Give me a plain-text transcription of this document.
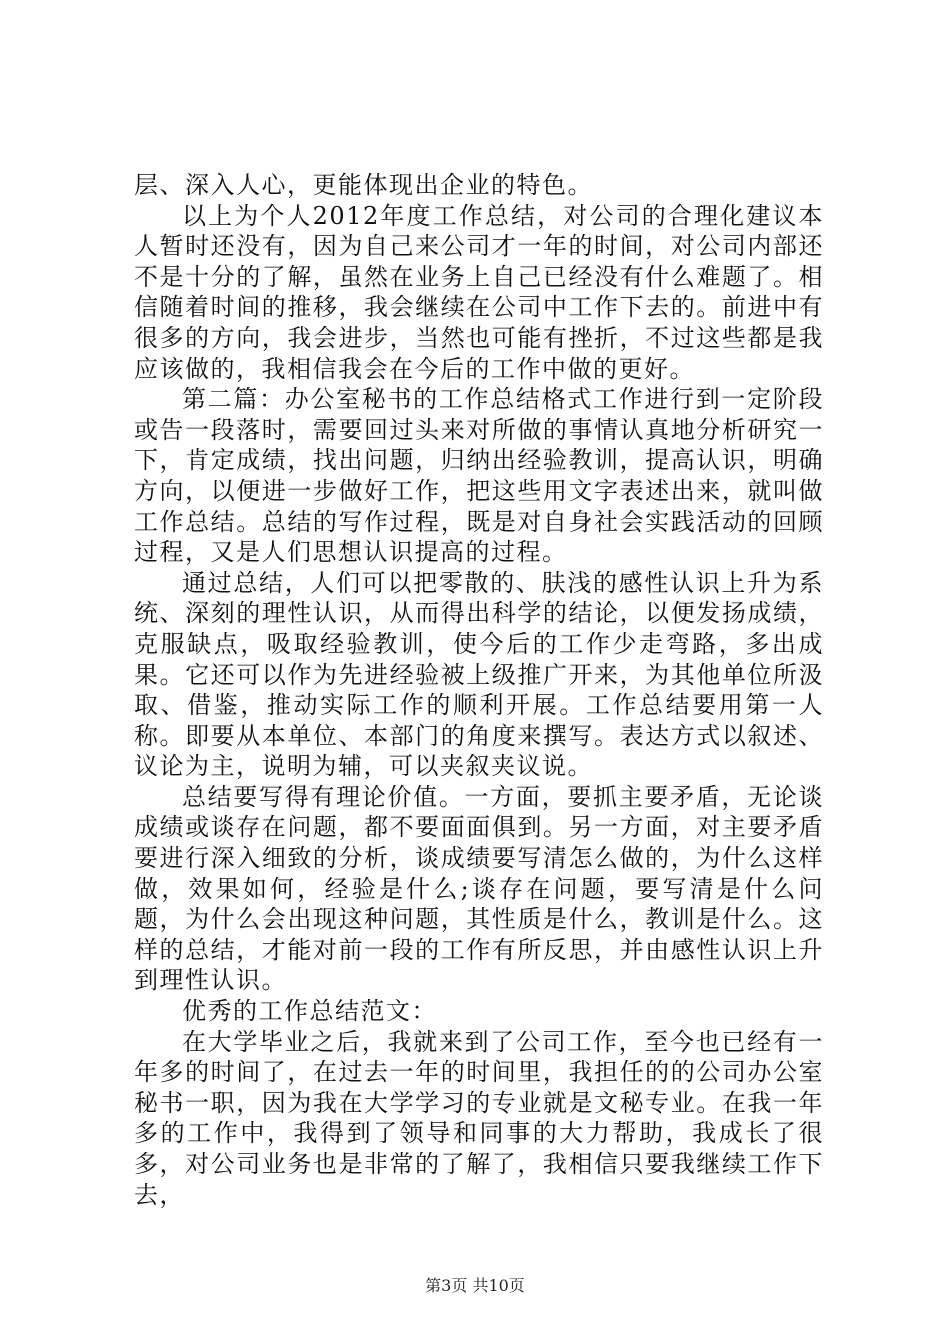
层、深入人心，更能体现出企业的特色。

以上为个人2012年度工作总结，对公司的合理化建议本人暂时还没有，因为自己来公司才一年的时间，对公司内部还不是十分的了解，虽然在业务上自己已经没有什么难题了。相信随着时间的推移，我会继续在公司中工作下去的。前进中有很多的方向，我会进步，当然也可能有挫折，不过这些都是我应该做的，我相信我会在今后的工作中做的更好。

第二篇：办公室秘书的工作总结格式工作进行到一定阶段或告一段落时，需要回过头来对所做的事情认真地分析研究一下，肯定成绩，找出问题，归纳出经验教训，提高认识，明确方向，以便进一步做好工作，把这些用文字表述出来，就叫做工作总结。总结的写作过程，既是对自身社会实践活动的回顾过程，又是人们思想认识提高的过程。

通过总结，人们可以把零散的、肤浅的感性认识上升为系统、深刻的理性认识，从而得出科学的结论，以便发扬成绩，克服缺点，吸取经验教训，使今后的工作少走弯路，多出成果。它还可以作为先进经验被上级推广开来，为其他单位所汲取、借鉴，推动实际工作的顺利开展。工作总结要用第一人称。即要从本单位、本部门的角度来撰写。表达方式以叙述、议论为主，说明为辅，可以夹叙夹议说。

总结要写得有理论价值。一方面，要抓主要矛盾，无论谈成绩或谈存在问题，都不要面面俱到。另一方面，对主要矛盾要进行深入细致的分析，谈成绩要写清怎么做的，为什么这样做，效果如何，经验是什么;谈存在问题，要写清是什么问题，为什么会出现这种问题，其性质是什么，教训是什么。这样的总结，才能对前一段的工作有所反思，并由感性认识上升到理性认识。

优秀的工作总结范文：

在大学毕业之后，我就来到了公司工作，至今也已经有一年多的时间了，在过去一年的时间里，我担任的的公司办公室秘书一职，因为我在大学学习的专业就是文秘专业。在我一年多的工作中，我得到了领导和同事的大力帮助，我成长了很多，对公司业务也是非常的了解了，我相信只要我继续工作下去，

第3页 共10页
